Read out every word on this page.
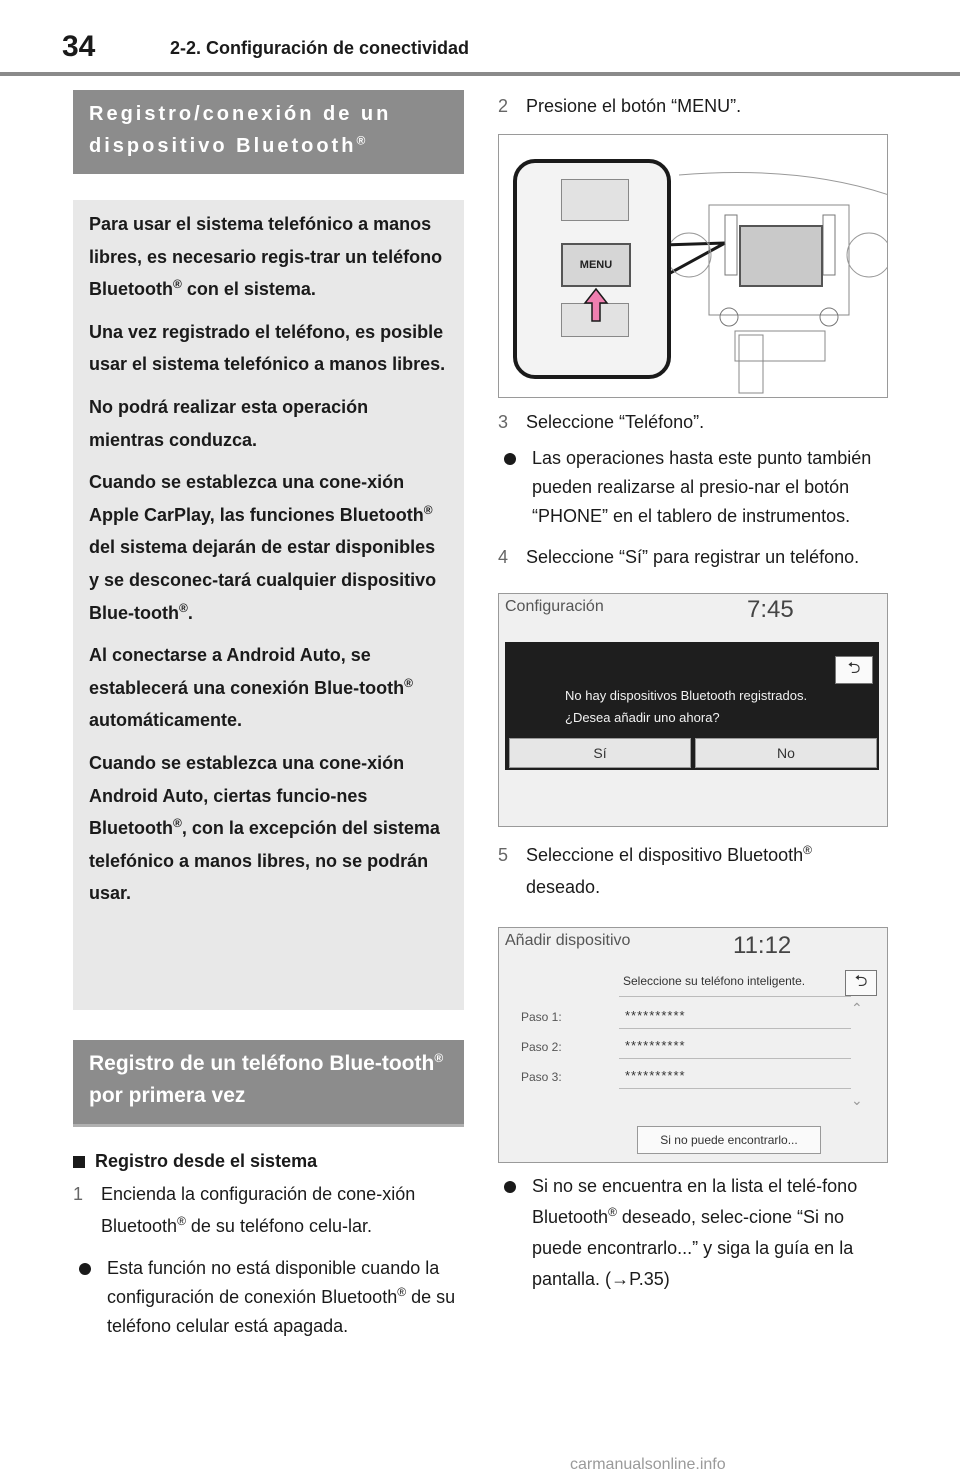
34	2-2. Configuración de conectividad
Registro/conexión de un dispositivo Bluetooth®

Para usar el sistema telefónico a manos libres, es necesario regis-trar un teléfono Bluetooth® con el sistema.

Una vez registrado el teléfono, es posible usar el sistema telefónico a manos libres.

No podrá realizar esta operación mientras conduzca.

Cuando se establezca una cone-xión Apple CarPlay, las funciones Bluetooth® del sistema dejarán de estar disponibles y se desconec-tará cualquier dispositivo Blue-tooth®.

Al conectarse a Android Auto, se establecerá una conexión Blue-tooth® automáticamente.

Cuando se establezca una cone-xión Android Auto, ciertas funcio-nes Bluetooth®, con la excepción del sistema telefónico a manos libres, no se podrán usar.

Registro de un teléfono Blue-tooth® por primera vez
Registro desde el sistema
1 Encienda la configuración de cone-xión Bluetooth® de su teléfono celu-lar.
Esta función no está disponible cuando la configuración de conexión Bluetooth® de su teléfono celular está apagada.
2 Presione el botón “MENU”.
MENU
3 Seleccione “Teléfono”.
Las operaciones hasta este punto también pueden realizarse al presio-nar el botón “PHONE” en el tablero de instrumentos.
4 Seleccione “Sí” para registrar un teléfono.
Configuración	7:45
⮌
No hay dispositivos Bluetooth registrados.
¿Desea añadir uno ahora?
Sí	No
5 Seleccione el dispositivo Bluetooth® deseado.
Añadir dispositivo	11:12
Seleccione su teléfono inteligente.	⮌
⌃
⌄
Paso 1:	**********
Paso 2:	**********
Paso 3:	**********
Si no puede encontrarlo...
Si no se encuentra en la lista el telé-fono Bluetooth® deseado, selec-cione “Si no puede encontrarlo...” y siga la guía en la pantalla. (→P.35)
carmanualsonline.info
